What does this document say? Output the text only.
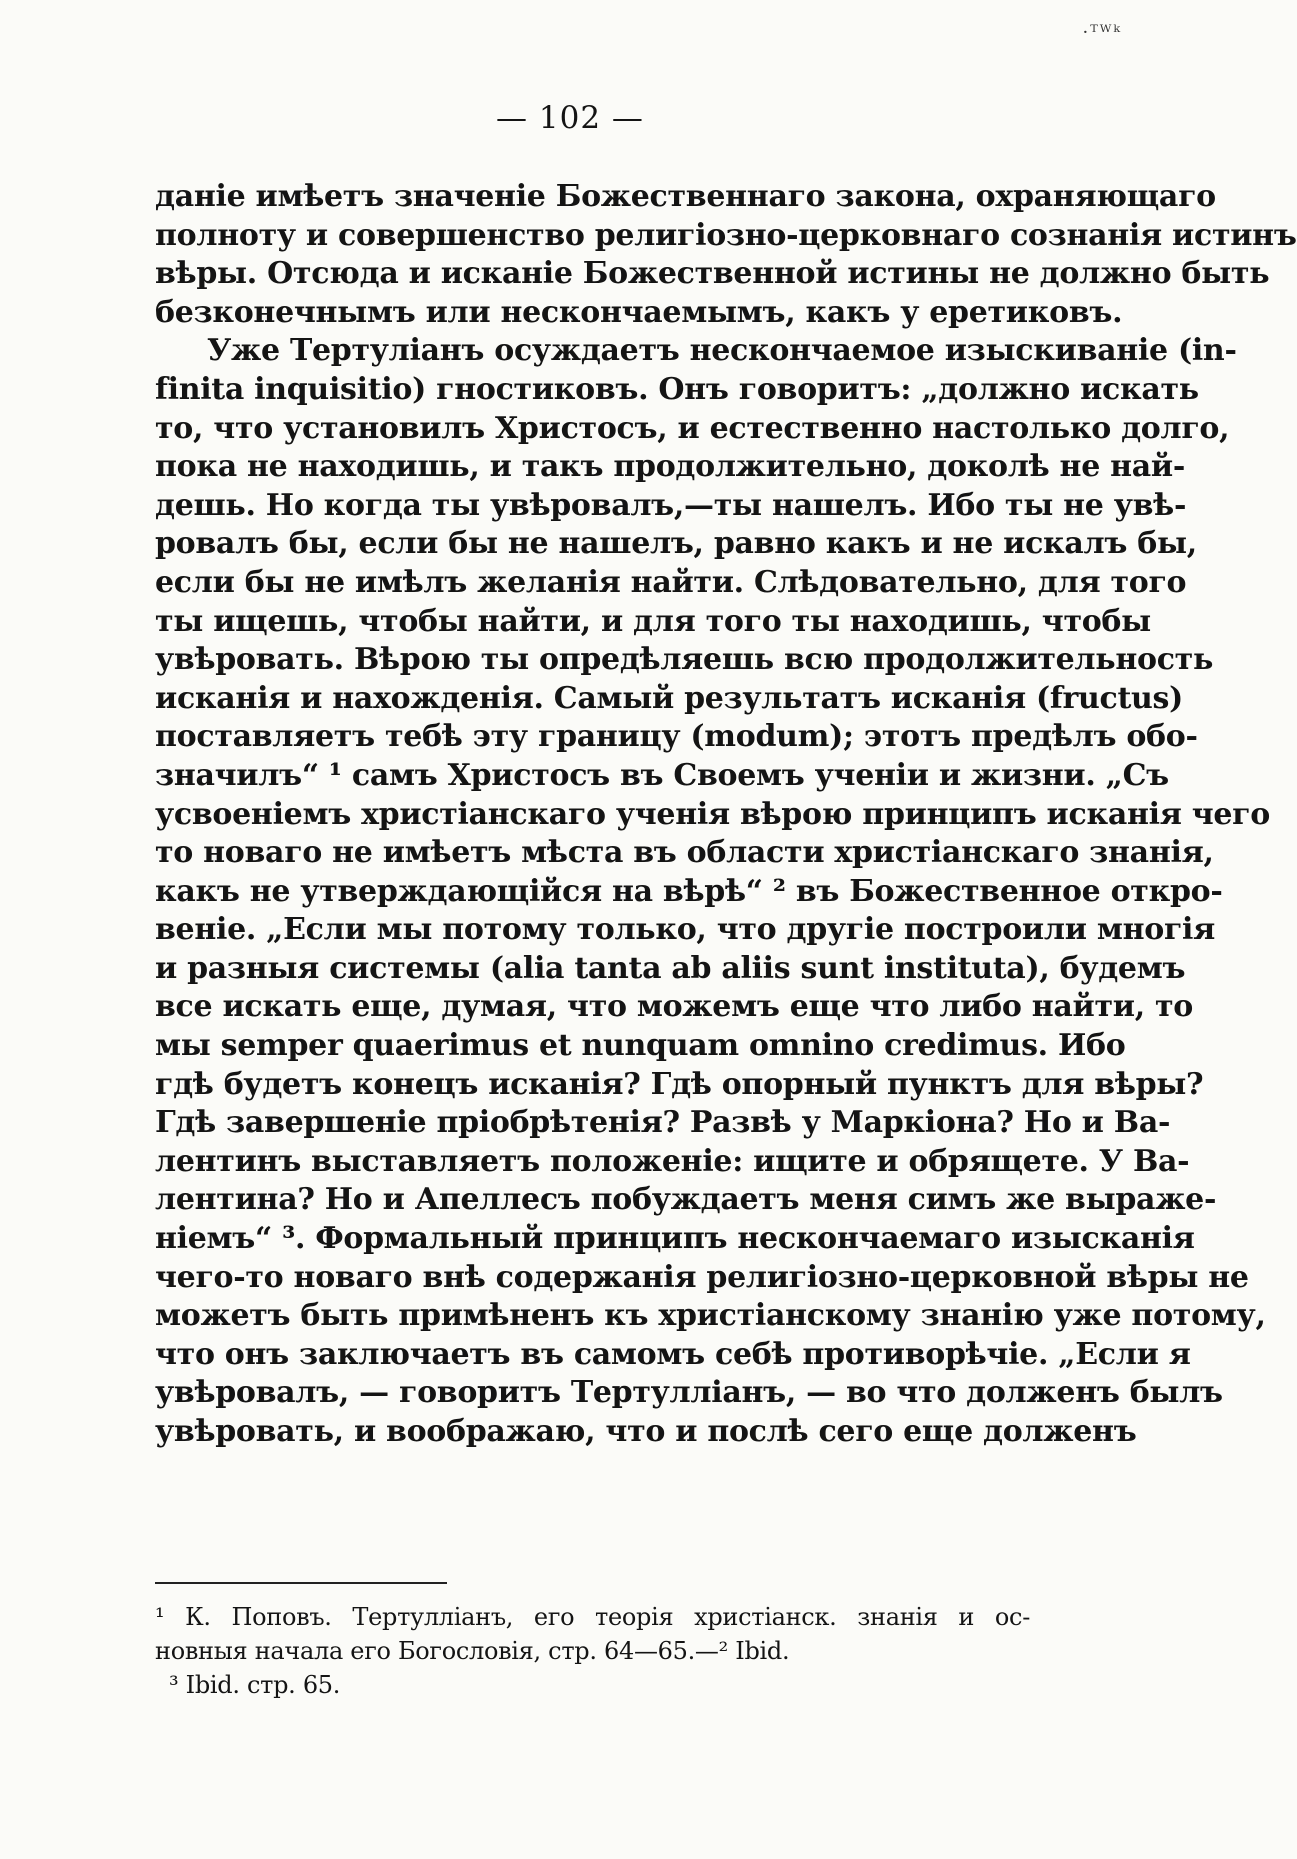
·ᵀᵂᵏ
— 102 —
данiе имѣетъ значенiе Божественнаго закона, охраняющаго
полноту и совершенство религiозно-церковнаго сознанiя истинъ
вѣры. Отсюда и исканiе Божественной истины не должно быть
безконечнымъ или нескончаемымъ, какъ у еретиковъ.
Уже Тертулiанъ осуждаетъ нескончаемое изыскиванiе (in-
finita inquisitio) гностиковъ. Онъ говоритъ: „должно искать
то, что установилъ Христосъ, и естественно настолько долго,
пока не находишь, и такъ продолжительно, доколѣ не най-
дешь. Но когда ты увѣровалъ,—ты нашелъ. Ибо ты не увѣ-
ровалъ бы, если бы не нашелъ, равно какъ и не искалъ бы,
если бы не имѣлъ желанiя найти. Слѣдовательно, для того
ты ищешь, чтобы найти, и для того ты находишь, чтобы
увѣровать. Вѣрою ты опредѣляешь всю продолжительность
исканiя и нахожденiя. Самый результатъ исканiя (fructus)
поставляетъ тебѣ эту границу (modum); этотъ предѣлъ обо-
значилъ“ ¹ самъ Христосъ въ Своемъ ученiи и жизни. „Съ
усвоенiемъ христiанскаго ученiя вѣрою принципъ исканiя чего
то новаго не имѣетъ мѣста въ области христiанскаго знанiя,
какъ не утверждающiйся на вѣрѣ“ ² въ Божественное откро-
венiе. „Если мы потому только, что другiе построили многiя
и разныя системы (alia tanta ab aliis sunt instituta), будемъ
все искать еще, думая, что можемъ еще что либо найти, то
мы semper quaerimus et nunquam omnino credimus. Ибо
гдѣ будетъ конецъ исканiя? Гдѣ опорный пунктъ для вѣры?
Гдѣ завершенiе прiобрѣтенiя? Развѣ у Маркiона? Но и Ва-
лентинъ выставляетъ положенiе: ищите и обрящете. У Ва-
лентина? Но и Апеллесъ побуждаетъ меня симъ же выраже-
нiемъ“ ³. Формальный принципъ нескончаемаго изысканiя
чего-то новаго внѣ содержанiя религiозно-церковной вѣры не
можетъ быть примѣненъ къ христiанскому знанiю уже потому,
что онъ заключаетъ въ самомъ себѣ противорѣчiе. „Если я
увѣровалъ, — говоритъ Тертулліанъ, — во что долженъ былъ
увѣровать, и воображаю, что и послѣ сего еще долженъ
¹ К. Поповъ. Тертулліанъ, его теорія христіанск. знанія и ос-
новныя начала его Богословія, стр. 64—65.—² Ibid.
³ Ibid. стр. 65.
